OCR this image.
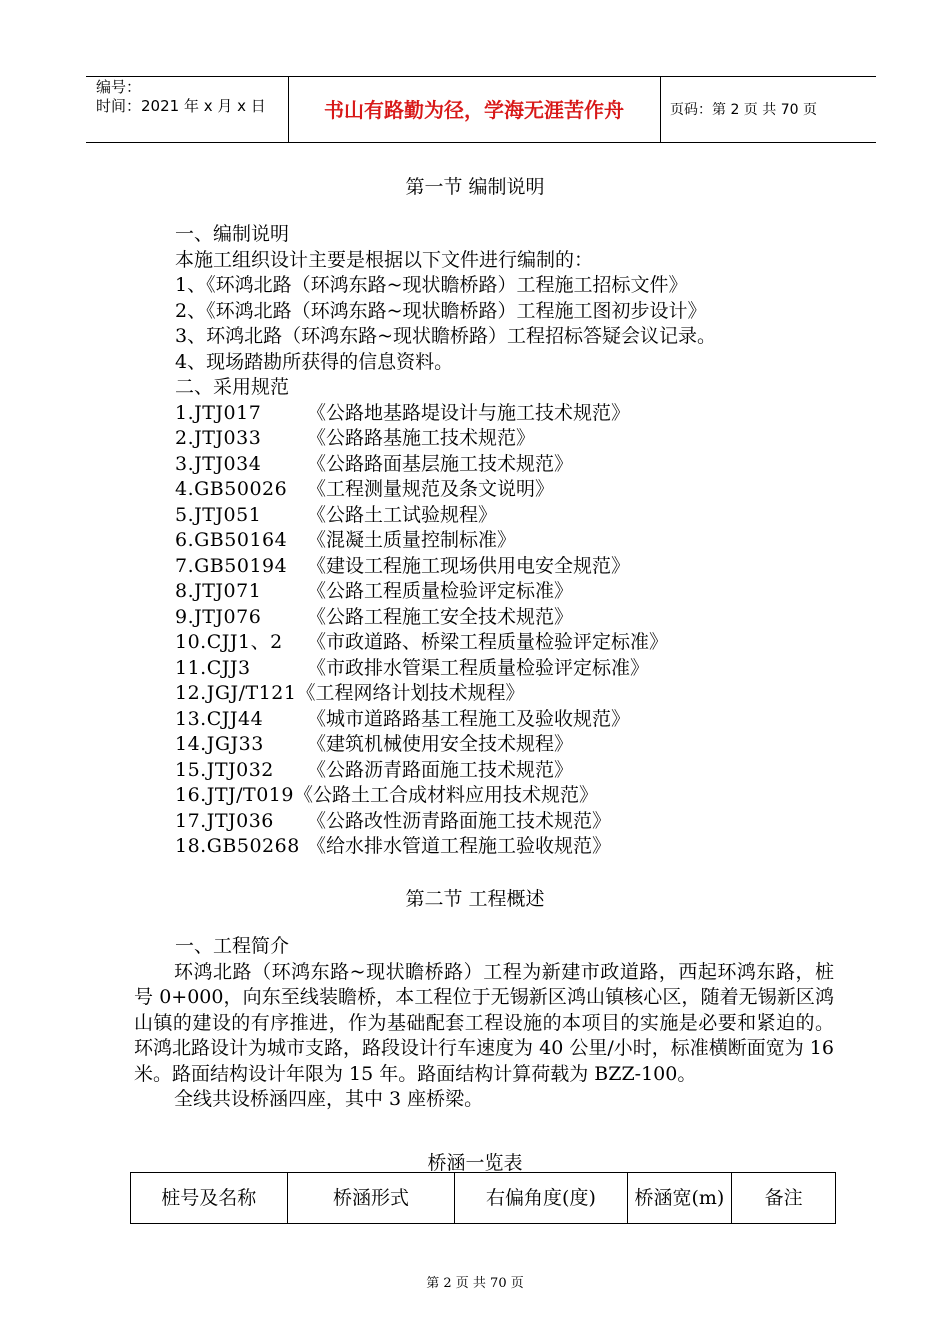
编号：
时间：2021 年 x 月 x 日	书山有路勤为径，学海无涯苦作舟	页码：第 2 页 共 70 页
第一节 编制说明
一、编制说明
本施工组织设计主要是根据以下文件进行编制的：
1、《环鸿北路（环鸿东路~现状瞻桥路）工程施工招标文件》
2、《环鸿北路（环鸿东路~现状瞻桥路）工程施工图初步设计》
3、环鸿北路（环鸿东路~现状瞻桥路）工程招标答疑会议记录。
4、现场踏勘所获得的信息资料。
二、采用规范
1.JTJ017	《公路地基路堤设计与施工技术规范》
2.JTJ033	《公路路基施工技术规范》
3.JTJ034	《公路路面基层施工技术规范》
4.GB50026	《工程测量规范及条文说明》
5.JTJ051	《公路土工试验规程》
6.GB50164	《混凝土质量控制标准》
7.GB50194	《建设工程施工现场供用电安全规范》
8.JTJ071	《公路工程质量检验评定标准》
9.JTJ076	《公路工程施工安全技术规范》
10.CJJ1、2	《市政道路、桥梁工程质量检验评定标准》
11.CJJ3	《市政排水管渠工程质量检验评定标准》
12.JGJ/T121 《工程网络计划技术规程》
13.CJJ44	《城市道路路基工程施工及验收规范》
14.JGJ33	《建筑机械使用安全技术规程》
15.JTJ032	《公路沥青路面施工技术规范》
16.JTJ/T019 《公路土工合成材料应用技术规范》
17.JTJ036	《公路改性沥青路面施工技术规范》
18.GB50268 《给水排水管道工程施工验收规范》
第二节 工程概述
一、工程简介

环鸿北路（环鸿东路~现状瞻桥路）工程为新建市政道路，西起环鸿东路，桩号 0+000，向东至线装瞻桥，本工程位于无锡新区鸿山镇核心区，随着无锡新区鸿山镇的建设的有序推进，作为基础配套工程设施的本项目的实施是必要和紧迫的。环鸿北路设计为城市支路，路段设计行车速度为 40 公里/小时，标准横断面宽为 16 米。路面结构设计年限为 15 年。路面结构计算荷载为 BZZ-100。

全线共设桥涵四座，其中 3 座桥梁。

桥涵一览表
桩号及名称	桥涵形式	右偏角度(度)	桥涵宽(m)	备注
第 2 页 共 70 页
